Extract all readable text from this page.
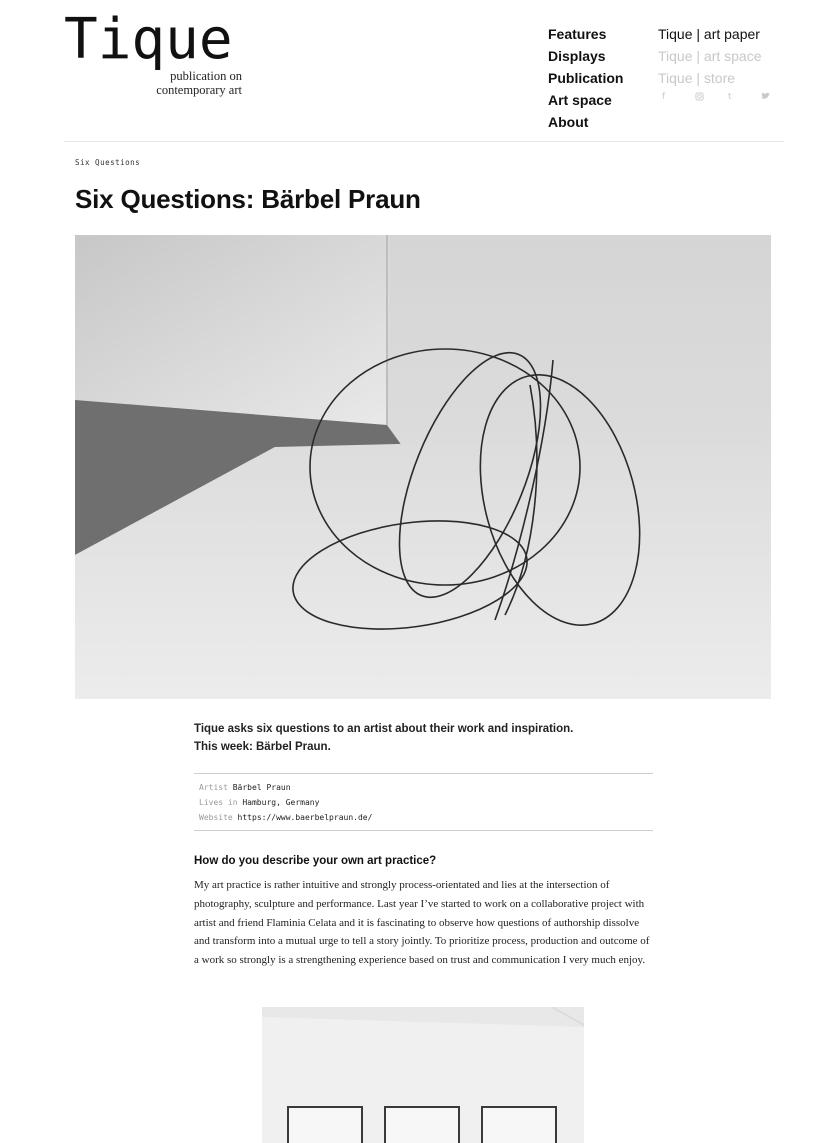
Tique
publication on
contemporary art
Features
Displays
Publication
Art space
About
Tique | art paper
Tique | art space
Tique | store
f	t
Six Questions
Six Questions: Bärbel Praun
Tique asks six questions to an artist about their work and inspiration.
This week: Bärbel Praun.
Artist Bärbel Praun
Lives in Hamburg, Germany
Website https://www.baerbelpraun.de/
How do you describe your own art practice?

My art practice is rather intuitive and strongly process-orientated and lies at the intersection of photography, sculpture and performance. Last year I’ve started to work on a collaborative project with artist and friend Flaminia Celata and it is fascinating to observe how questions of authorship dissolve and transform into a mutual urge to tell a story jointly. To prioritize process, production and outcome of a work so strongly is a strengthening experience based on trust and communication I very much enjoy.
